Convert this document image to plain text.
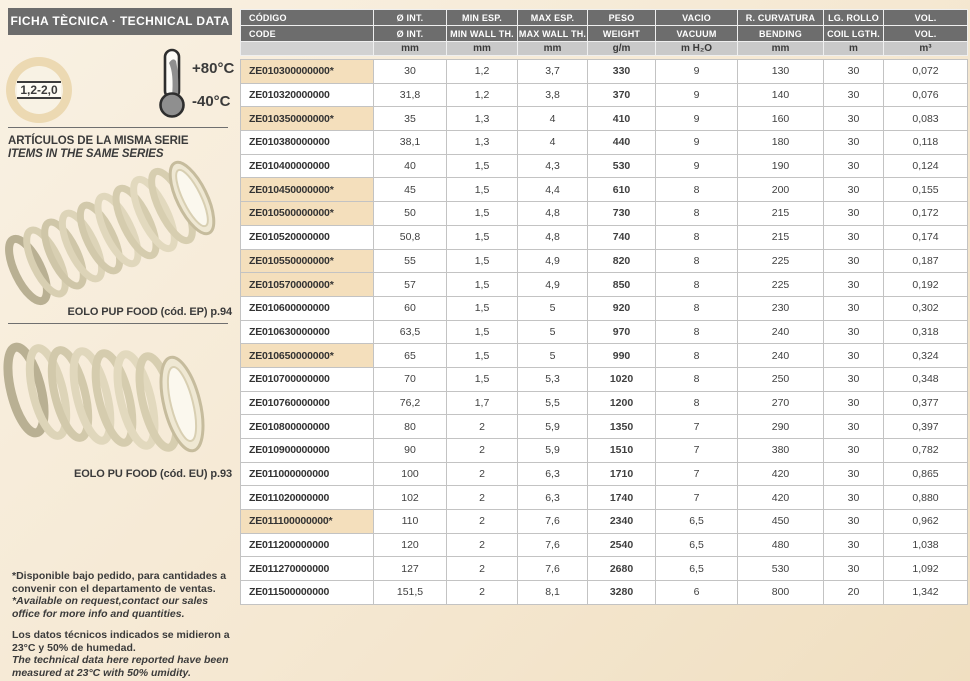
FICHA TÈCNICA · TECHNICAL DATA
1,2-2,0
+80°C
-40°C
ARTÍCULOS DE LA MISMA SERIE
ITEMS IN THE SAME SERIES
EOLO PUP FOOD (cód. EP) p.94
EOLO PU FOOD (cód. EU) p.93

*Disponible bajo pedido, para cantidades a convenir con el departamento de ventas.

*Available on request,contact our sales office for more info and quantities.

Los datos técnicos indicados se midieron a 23°C y 50% de humedad.

The technical data here reported have been measured at 23°C with 50% umidity.

CÓDIGO	Ø INT.	MIN ESP.	MAX ESP.	PESO	VACIO	R. CURVATURA	LG. ROLLO	VOL.
CODE	Ø INT.	MIN WALL TH.	MAX WALL TH.	WEIGHT	VACUUM	BENDING	COIL LGTH.	VOL.
	mm	mm	mm	g/m	m H₂O	mm	m	m³

ZE010300000000*	30	1,2	3,7	330	9	130	30	0,072
ZE010320000000	31,8	1,2	3,8	370	9	140	30	0,076
ZE010350000000*	35	1,3	4	410	9	160	30	0,083
ZE010380000000	38,1	1,3	4	440	9	180	30	0,118
ZE010400000000	40	1,5	4,3	530	9	190	30	0,124
ZE010450000000*	45	1,5	4,4	610	8	200	30	0,155
ZE010500000000*	50	1,5	4,8	730	8	215	30	0,172
ZE010520000000	50,8	1,5	4,8	740	8	215	30	0,174
ZE010550000000*	55	1,5	4,9	820	8	225	30	0,187
ZE010570000000*	57	1,5	4,9	850	8	225	30	0,192
ZE010600000000	60	1,5	5	920	8	230	30	0,302
ZE010630000000	63,5	1,5	5	970	8	240	30	0,318
ZE010650000000*	65	1,5	5	990	8	240	30	0,324
ZE010700000000	70	1,5	5,3	1020	8	250	30	0,348
ZE010760000000	76,2	1,7	5,5	1200	8	270	30	0,377
ZE010800000000	80	2	5,9	1350	7	290	30	0,397
ZE010900000000	90	2	5,9	1510	7	380	30	0,782
ZE011000000000	100	2	6,3	1710	7	420	30	0,865
ZE011020000000	102	2	6,3	1740	7	420	30	0,880
ZE011100000000*	110	2	7,6	2340	6,5	450	30	0,962
ZE011200000000	120	2	7,6	2540	6,5	480	30	1,038
ZE011270000000	127	2	7,6	2680	6,5	530	30	1,092
ZE011500000000	151,5	2	8,1	3280	6	800	20	1,342
